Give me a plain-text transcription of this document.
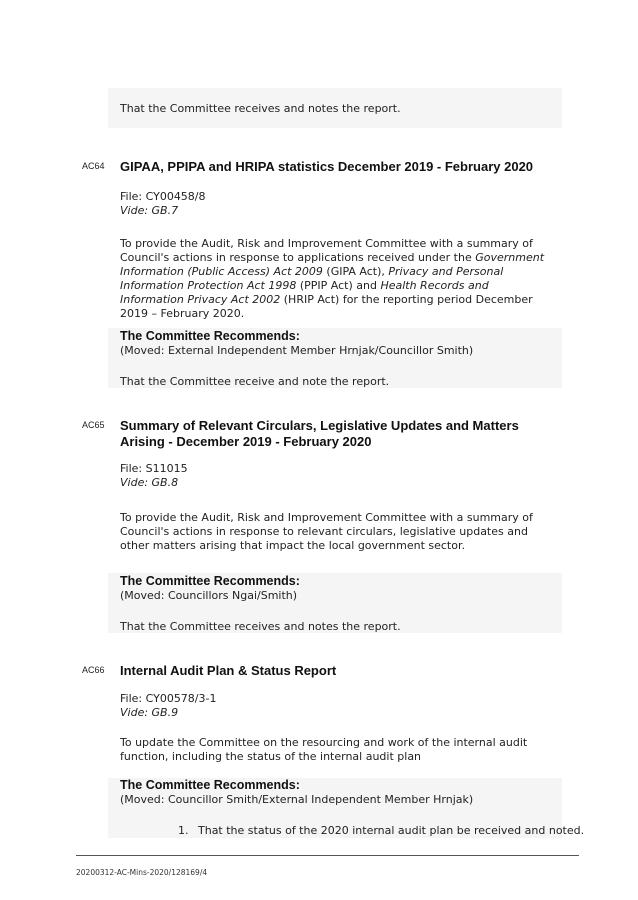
That the Committee receives and notes the report.
AC64 GIPAA, PPIPA and HRIPA statistics December 2019 - February 2020
File: CY00458/8
Vide: GB.7
To provide the Audit, Risk and Improvement Committee with a summary of Council's actions in response to applications received under the Government Information (Public Access) Act 2009 (GIPA Act), Privacy and Personal Information Protection Act 1998 (PPIP Act) and Health Records and Information Privacy Act 2002 (HRIP Act) for the reporting period December 2019 – February 2020.
The Committee Recommends:
(Moved: External Independent Member Hrnjak/Councillor Smith)
That the Committee receive and note the report.
AC65 Summary of Relevant Circulars, Legislative Updates and Matters Arising - December 2019 - February 2020
File: S11015
Vide: GB.8
To provide the Audit, Risk and Improvement Committee with a summary of Council's actions in response to relevant circulars, legislative updates and other matters arising that impact the local government sector.
The Committee Recommends:
(Moved: Councillors Ngai/Smith)
That the Committee receives and notes the report.
AC66 Internal Audit Plan & Status Report
File: CY00578/3-1
Vide: GB.9
To update the Committee on the resourcing and work of the internal audit function, including the status of the internal audit plan
The Committee Recommends:
(Moved: Councillor Smith/External Independent Member Hrnjak)
1. That the status of the 2020 internal audit plan be received and noted.
20200312-AC-Mins-2020/128169/4
